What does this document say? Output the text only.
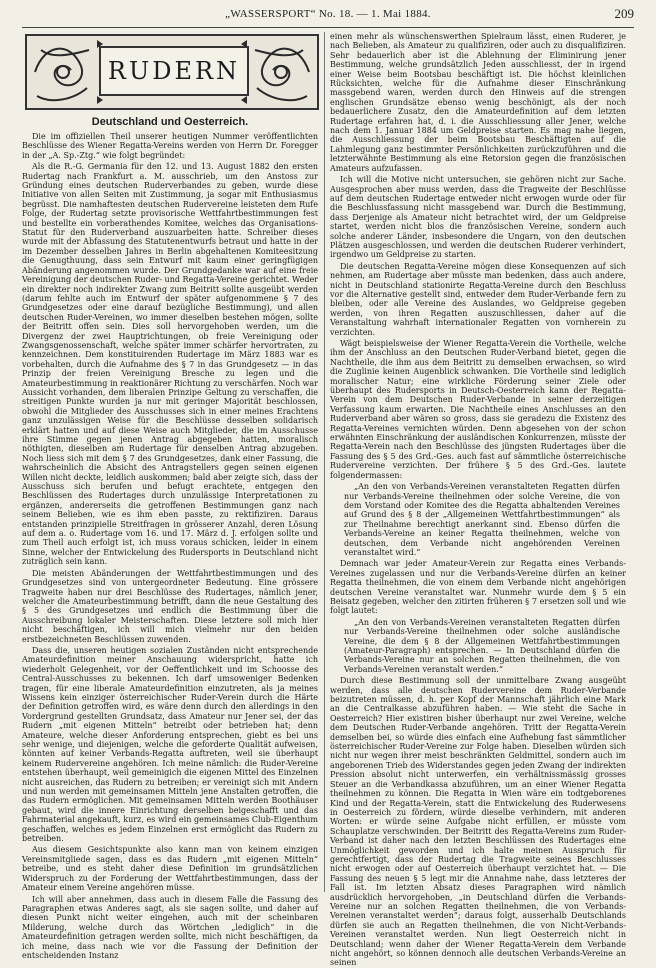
„WASSERSPORT“ No. 18. — 1. Mai 1884.	209
RUDERN
Deutschland und Oesterreich.

Die im offiziellen Theil unserer heutigen Nummer veröffentlichten Beschlüsse des Wiener Regatta-Vereins werden von Herrn Dr. Foregger in der „A. Sp.-Ztg.“ wie folgt begründet:

Als die R.-G. Germania für den 12. und 13. August 1882 den ersten Rudertag nach Frankfurt a. M. ausschrieb, um den Anstoss zur Gründung eines deutschen Ruderverbandes zu geben, wurde diese Initiative von allen Seiten mit Zustimmung, ja sogar mit Enthusiasmus begrüsst. Die namhaftesten deutschen Rudervereine leisteten dem Rufe Folge, der Rudertag setzte provisorische Wettfahrtbestimmungen fest und bestellte ein vorberathendes Komitee, welches das Organisations-Statut für den Ruderverband auszuarbeiten hatte. Schreiber dieses wurde mit der Abfassung des Statutenentwurfs betraut und hatte in der im Dezember desselben Jahres in Berlin abgehaltenen Komiteesitzung die Genugthuung, dass sein Entwurf mit kaum einer geringfügigen Abänderung angenommen wurde. Der Grundgedanke war auf eine freie Vereinigung der deutschen Ruder- und Regatta-Vereine gerichtet. Weder ein direkter noch indirekter Zwang zum Beitritt sollte ausgeübt werden (darum fehlte auch im Entwurf der später aufgenommene § 7 des Grundgesetzes oder eine darauf bezügliche Bestimmung), und allen deutschen Ruder-Vereinen, wo immer dieselben bestehen mögen, sollte der Beitritt offen sein. Dies soll hervorgehoben werden, um die Divergenz der zwei Hauptrichtungen, ob freie Vereinigung oder Zwangsgenossenschaft, welche später immer schärfer hervortraten, zu kennzeichnen. Dem konstituirenden Rudertage im März 1883 war es vorbehalten, durch die Aufnahme des § 7 in das Grundgesetz — in das Prinzip der freien Vereinigung Bresche zu legen und die Amateurbestimmung in reaktionärer Richtung zu verschärfen. Noch war Aussicht vorhanden, dem liberalen Prinzipe Geltung zu verschaffen, die streitigen Punkte wurden ja nur mit geringer Majorität beschlossen, obwohl die Mitglieder des Ausschusses sich in einer meines Erachtens ganz unzulässigen Weise für die Beschlüsse desselben solidarisch erklärt hatten und auf diese Weise auch Mitglieder, die im Ausschusse ihre Stimme gegen jenen Antrag abgegeben hatten, moralisch nöthigten, dieselben am Rudertage für denselben Antrag abzugeben. Noch liess sich mit dem § 7 des Grundgesetzes, dank einer Fassung, die wahrscheinlich die Absicht des Antragstellers gegen seinen eigenen Willen nicht deckte, leidlich auskommen; bald aber zeigte sich, dass der Ausschuss sich berufen und befugt erachtete, entgegen den Beschlüssen des Rudertages durch unzulässige Interpretationen zu ergänzen, andererseits die getroffenen Bestimmungen ganz nach seinem Belieben, wie es ihm eben passte, zu rektifiziren. Daraus entstanden prinzipielle Streitfragen in grösserer Anzahl, deren Lösung auf dem a. o. Rudertage vom 16. und 17. März d. J. erfolgen sollte und zum Theil auch erfolgt ist, ich muss voraus schicken, leider in einem Sinne, welcher der Entwickelung des Rudersports in Deutschland nicht zuträglich sein kann.

Die meisten Abänderungen der Wettfahrtbestimmungen und des Grundgesetzes sind von untergeordneter Bedeutung. Eine grössere Tragweite haben nur drei Beschlüsse des Rudertages, nämlich jener, welcher die Amateurbestimmung betrifft, dann die neue Gestaltung des § 5 des Grundgesetzes und endlich die Bestimmung über die Ausschreibung lokaler Meisterschaften. Diese letztere soll mich hier nicht beschäftigen, ich will mich vielmehr nur den beiden erstbezeichneten Beschlüssen zuwenden.

Dass die, unseren heutigen sozialen Zuständen nicht entsprechende Amateurdefinition meiner Anschauung widerspricht, hatte ich wiederholt Gelegenheit, vor der Oeffentlichkeit und im Schoosse des Central-Ausschusses zu bekennen. Ich darf umsoweniger Bedenken tragen, für eine liberale Amateurdefinition einzutreten, als ja meines Wissens kein einziger österreichischer Ruder-Verein durch die Härte der Definition getroffen wird, es wäre denn durch den allerdings in den Vordergrund gestellten Grundsatz, dass Amateur nur Jener sei, der das Rudern „mit eigenen Mitteln“ betreibt oder betrieben hat; denn Amateure, welche dieser Anforderung entsprechen, giebt es bei uns sehr wenige, und diejenigen, welche die geforderte Qualität aufweisen, könnten auf keiner Verbands-Regatta auftreten, weil sie überhaupt keinem Rudervereine angehören. Ich meine nämlich: die Ruder-Vereine entstehen überhaupt, weil gemeinigich die eigenen Mittel des Einzelnen nicht ausreichen, das Rudern zu betreiben; er vereinigt sich mit Andern und nun werden mit gemeinsamen Mitteln jene Anstalten getroffen, die das Rudern ermöglichen. Mit gemeinsamen Mitteln werden Boothäuser gebaut, wird die innere Einrichtung derselben beigeschafft und das Fahrmaterial angekauft, kurz, es wird ein gemeinsames Club-Eigenthum geschaffen, welches es jedem Einzelnen erst ermöglicht das Rudern zu betreiben.

Aus diesem Gesichtspunkte also kann man von keinem einzigen Vereinsmitgliede sagen, dass es das Rudern „mit eigenen Mitteln“ betreibe, und es steht daher diese Definition im grundsätzlichen Widerspruch zu der Forderung der Wettfahrtbestimmungen, dass der Amateur einem Vereine angehören müsse.

Ich will aber annehmen, dass auch in diesem Falle die Fassung des Paragraphen etwas Anderes sagt, als sie sagen sollte, und daher auf diesen Punkt nicht weiter eingehen, auch mit der scheinbaren Milderung, welche durch das Wörtchen „lediglich“ in die Amateurdefinition getragen werden sollte, mich nicht beschäftigen, da ich meine, dass nach wie vor die Fassung der Definition der entscheidenden Instanz

einen mehr als wünschenswerthen Spielraum lässt, einen Ruderer, je nach Belieben, als Amateur zu qualifiziren, oder auch zu disqualifiziren. Sehr bedauerlich aber ist die Ablehnung der Eliminirung jener Bestimmung, welche grundsätzlich Jeden ausschliesst, der in irgend einer Weise beim Bootsbau beschäftigt ist. Die höchst kleinlichen Rücksichten, welche für die Aufnahme dieser Einschränkung massgebend waren, werden durch den Hinweis auf die strengen englischen Grundsätze ebenso wenig beschönigt, als der noch bedauerlichere Zusatz, den die Amateurdefinition auf dem letzten Rudertage erfahren hat, d. i. die Ausschliessung aller Jener, welche nach dem 1. Januar 1884 um Geldpreise starten. Es mag nahe liegen, die Ausschliessung der beim Bootsbau Beschäftigten auf die Lahmlegung ganz bestimmter Persönlichkeiten zurückzuführen und die letzterwähnte Bestimmung als eine Retorsion gegen die französischen Amateurs aufzufassen.

Ich will die Motive nicht untersuchen, sie gehören nicht zur Sache. Ausgesprochen aber muss werden, dass die Tragweite der Beschlüsse auf dem deutschen Rudertage entweder nicht erwogen wurde oder für die Beschlussfassung nicht massgebend war. Durch die Bestimmung, dass Derjenige als Amateur nicht betrachtet wird, der um Geldpreise startet, werden nicht blos die französischen Vereine, sondern auch solche anderer Länder, insbesondere die Ungarn, von den deutschen Plätzen ausgeschlossen, und werden die deutschen Ruderer verhindert, irgendwo um Geldpreise zu starten.

Die deutschen Regatta-Vereine mögen diese Konsequenzen auf sich nehmen, am Rudertage aber müsste man bedenken, dass auch andere, nicht in Deutschland stationirte Regatta-Vereine durch den Beschluss vor die Alternative gestellt sind, entweder dem Ruder-Verbande fern zu bleiben, oder alle Vereine des Auslandes, wo Geldpreise gegeben werden, von ihren Regatten auszuschliessen, daher auf die Veranstaltung wahrhaft internationaler Regatten von vornherein zu verzichten.

Wägt beispielsweise der Wiener Regatta-Verein die Vortheile, welche ihm der Anschluss an den Deutschen Ruder-Verband bietet, gegen die Nachtheile, die ihm aus dem Beitritt zu demselben erwachsen, so wird die Zuglinie keinen Augenblick schwanken. Die Vortheile sind lediglich moralischer Natur; eine wirkliche Förderung seiner Ziele oder überhaupt des Rudersports in Deutsch-Oesterreich kann der Regatta-Verein von dem Deutschen Ruder-Verbande in seiner derzeitigen Verfassung kaum erwarten. Die Nachtheile eines Anschlusses an den Ruderverband aber wären so gross, dass sie geradezu die Existenz des Regatta-Vereines vernichten würden. Denn abgesehen von der schon erwähnten Einschränkung der ausländischen Konkurrenzen, müsste der Regatta-Verein nach den Beschlüsse des jüngsten Rudertages über die Fassung des § 5 des Grd.-Ges. auch fast auf sämmtliche österreichische Rudervereine verzichten. Der frühere § 5 des Grd.-Ges. lautete folgendermassen:

„An den von Verbands-Vereinen veranstalteten Regatten dürfen nur Verbands-Vereine theilnehmen oder solche Vereine, die von dem Vorstand oder Komitee des die Regatta abhaltenden Vereines auf Grund des § 8 der „Allgemeinen Wettfahrtbestimmungen“ als zur Theilnahme berechtigt anerkannt sind. Ebenso dürfen die Verbands-Vereine an keiner Regatta theilnehmen, welche von deutschen, dem Verbande nicht angehörenden Vereinen veranstaltet wird.“

Demnach war jeder Amateur-Verein zur Regatta eines Verbands-Vereines zugelassen und nur die Verbands-Vereine dürfen an keiner Regatta theilnehmen, die von einem dem Verbande nicht angehörigen deutschen Vereine veranstaltet war. Nunmehr wurde dem § 5 ein Beisatz gegeben, welcher den zitirten früheren § 7 ersetzen soll und wie folgt lautet:

„An den von Verbands-Vereinen veranstalteten Regatten dürfen nur Verbands-Vereine theilnehmen oder solche ausländische Vereine, die dem § 8 der Allgemeinen Wettfahrtbestimmungen (Amateur-Paragraph) entsprechen. — In Deutschland dürfen die Verbands-Vereine nur an solchen Regatten theilnehmen, die von Verbands-Vereinen veranstalt werden.“

Durch diese Bestimmung soll der unmittelbare Zwang ausgeübt werden, dass alle deutschen Rudervereine dem Ruder-Verbande beizutreten müssen, d. h. per Kopf der Mannschaft jährlich eine Mark an die Centralkasse abzuführen haben. — Wie steht die Sache in Oesterreich? Hier existiren bisher überhaupt nur zwei Vereine, welche dem Deutschen Ruder-Verbande angehören. Tritt der Regatta-Verein demselben bei, so würde dies einfach eine Aufhebung fast sämmtlicher österreichischer Ruder-Vereine zur Folge haben. Dieselben würden sich nicht nur wegen ihrer meist beschränkten Geldmittel, sondern auch im angeborenen Trieb des Widerstandes gegen jeden Zwang der indirekten Pression absolut nicht unterwerfen, ein verhältnissmässig grosses Steuer an die Verbandkassa abzuführen, um an einer Wiener Regatta theilnehmen zu können. Die Regatta in Wien wäre ein todtgeborenes Kind und der Regatta-Verein, statt die Entwickelung des Ruderwesens in Oesterreich zu fördern, würde dieselbe verhindern, mit anderen Worten: er würde seine Aufgabe nicht erfüllen, er müsste vom Schauplatze verschwinden. Der Beitritt des Regatta-Vereins zum Ruder-Verband ist daher nach den letzten Beschlüssen des Rudertages eine Unmöglichkeit geworden und ich halte meinen Ausspruch für gerechtfertigt, dass der Rudertag die Tragweite seines Beschlusses nicht erwogen oder auf Oesterreich überhaupt verzichtet hat. — Die Fassung des neuen § 5 legt mir die Annahme nahe, dass letzteres der Fall ist. Im letzten Absatz dieses Paragraphen wird nämlich ausdrücklich hervorgehoben, „in Deutschland dürfen die Verbands-Vereine nur an solchen Regatten theilnehmen, die von Verbands-Vereinen veranstaltet werden“; daraus folgt, ausserhalb Deutschlands dürfen sie auch an Regatten theilnehmen, die von Nicht-Verbands-Vereinen veranstaltet werden. Nun liegt Oesterreich nicht in Deutschland; wenn daher der Wiener Regatta-Verein dem Verbande nicht angehört, so können dennoch alle deutschen Verbands-Vereine an seinen
